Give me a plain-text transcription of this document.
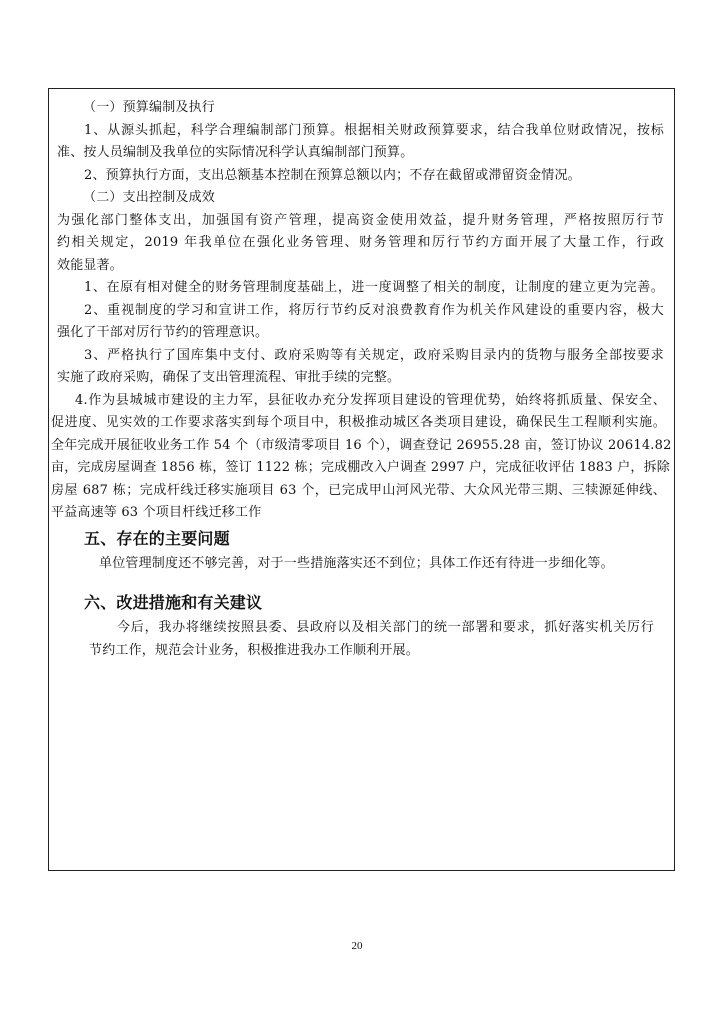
（一）预算编制及执行
1、从源头抓起，科学合理编制部门预算。根据相关财政预算要求，结合我单位财政情况，按标
准、按人员编制及我单位的实际情况科学认真编制部门预算。
2、预算执行方面，支出总额基本控制在预算总额以内；不存在截留或滞留资金情况。
（二）支出控制及成效
为强化部门整体支出，加强国有资产管理，提高资金使用效益，提升财务管理，严格按照厉行节
约相关规定，2019 年我单位在强化业务管理、财务管理和厉行节约方面开展了大量工作，行政
效能显著。
1、在原有相对健全的财务管理制度基础上，进一度调整了相关的制度，让制度的建立更为完善。
2、重视制度的学习和宣讲工作，将厉行节约反对浪费教育作为机关作风建设的重要内容，极大
强化了干部对厉行节约的管理意识。
3、严格执行了国库集中支付、政府采购等有关规定，政府采购目录内的货物与服务全部按要求
实施了政府采购，确保了支出管理流程、审批手续的完整。
4.作为县城城市建设的主力军，县征收办充分发挥项目建设的管理优势，始终将抓质量、保安全、
促进度、见实效的工作要求落实到每个项目中，积极推动城区各类项目建设，确保民生工程顺利实施。
全年完成开展征收业务工作 54 个（市级清零项目 16 个），调查登记 26955.28 亩，签订协议 20614.82
亩，完成房屋调查 1856 栋，签订 1122 栋；完成棚改入户调查 2997 户，完成征收评估 1883 户，拆除
房屋 687 栋；完成杆线迁移实施项目 63 个，已完成甲山河风光带、大众风光带三期、三犊源延伸线、
平益高速等 63 个项目杆线迁移工作
五、存在的主要问题
单位管理制度还不够完善，对于一些措施落实还不到位；具体工作还有待进一步细化等。
六、改进措施和有关建议
今后，我办将继续按照县委、县政府以及相关部门的统一部署和要求，抓好落实机关厉行
节约工作，规范会计业务，积极推进我办工作顺利开展。
20
